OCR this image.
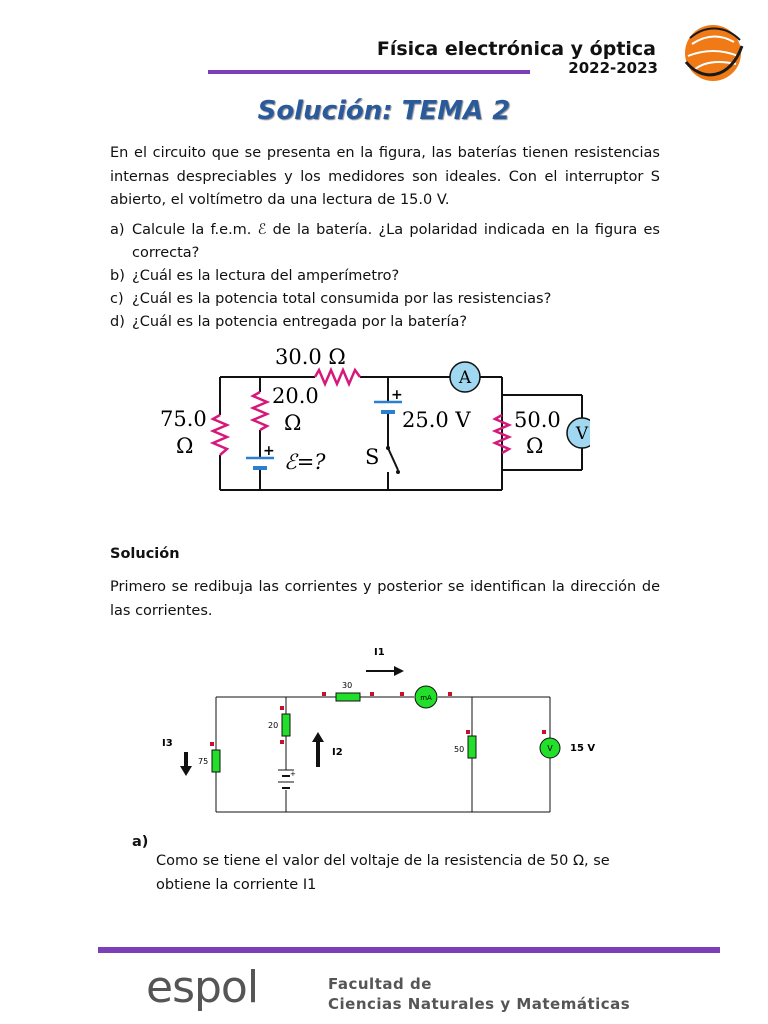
Física electrónica y óptica
2022-2023
Solución: TEMA 2
En el circuito que se presenta en la figura, las baterías tienen resistencias internas despreciables y los medidores son ideales. Con el interruptor S abierto, el voltímetro da una lectura de 15.0 V.
a) Calcule la f.e.m. ℰ de la batería. ¿La polaridad indicada en la figura es correcta?
b) ¿Cuál es la lectura del amperímetro?
c) ¿Cuál es la potencia total consumida por las resistencias?
d) ¿Cuál es la potencia entregada por la batería?
30.0 Ω
75.0
Ω
20.0
Ω
+ ℰ=?
+
25.0 V
S
50.0
Ω
A
V
Solución
Primero se redibuja las corrientes y posterior se identifican la dirección de las corrientes.
I1
I2
I3
30
20
75
50
mA
V 15 V
+
a)
Como se tiene el valor del voltaje de la resistencia de 50 Ω, se obtiene la corriente I1
espol	Facultad de
Ciencias Naturales y Matemáticas
